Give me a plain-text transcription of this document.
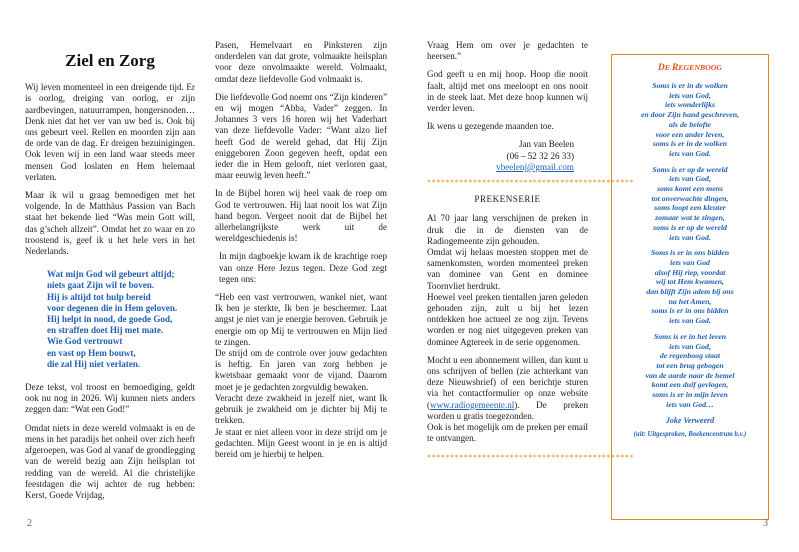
Ziel en Zorg

Wij leven momenteel in een dreigende tijd. Er is oorlog, dreiging van oorlog, er zijn aardbevingen, natuurrampen, hongersnoden… Denk niet dat het ver van uw bed is. Ook bij ons gebeurt veel. Rellen en moorden zijn aan de orde van de dag. Er dreigen bezuinigingen. Ook leven wij in een land waar steeds meer mensen God loslaten en Hem helemaal verlaten.

Maar ik wil u graag bemoedigen met het volgende. In de Matthäus Passion van Bach staat het bekende lied “Was mein Gott will, das g’scheh allzeit”. Omdat het zo waar en zo troostend is, geef ik u het hele vers in het Nederlands.

Wat mijn God wil gebeurt altijd;
niets gaat Zijn wil te boven.
Hij is altijd tot hulp bereid
voor degenen die in Hem geloven.
Hij helpt in nood, de goede God,
en straffen doet Hij met mate.
Wie God vertrouwt
en vast op Hem bouwt,
die zal Hij niet verlaten.

Deze tekst, vol troost en bemoediging, geldt ook nu nog in 2026. Wij kunnen niets anders zeggen dan: “Wat een God!”

Omdat niets in deze wereld volmaakt is en de mens in het paradijs het onheil over zich heeft afgeroepen, was God al vanaf de grondlegging van de wereld bezig aan Zijn heilsplan tot redding van de wereld. Al die christelijke feestdagen die wij achter de rug hebben: Kerst, Goede Vrijdag,

2

Pasen, Hemelvaart en Pinksteren zijn onderdelen van dat grote, volmaakte heilsplan voor deze onvolmaakte wereld. Volmaakt, omdat deze liefdevolle God volmaakt is.

Die liefdevolle God noemt ons “Zijn kinderen” en wij mogen “Abba, Vader” zeggen. In Johannes 3 vers 16 horen wij het Vaderhart van deze liefdevolle Vader: “Want alzo lief heeft God de wereld gehad, dat Hij Zijn eniggeboren Zoon gegeven heeft, opdat een ieder die in Hem gelooft, niet verloren gaat, maar eeuwig leven heeft.”

In de Bijbel horen wij heel vaak de roep om God te vertrouwen. Hij laat nooit los wat Zijn hand begon. Vergeet nooit dat de Bijbel het allerbelangrijkste werk uit de wereldgeschiedenis is!

In mijn dagboekje kwam ik de krachtige roep van onze Here Jezus tegen. Deze God zegt tegen ons:

“Heb een vast vertrouwen, wankel niet, want Ik ben je sterkte, Ik ben je beschermer. Laat angst je niet van je energie beroven. Gebruik je energie om op Mij te vertrouwen en Mijn lied te zingen.

De strijd om de controle over jouw gedachten is heftig. En jaren van zorg hebben je kwetsbaar gemaakt voor de vijand. Daarom moet je je gedachten zorgvuldig bewaken.

Veracht deze zwakheid in jezelf niet, want Ik gebruik je zwakheid om je dichter bij Mij te trekken.

Je staat er niet alleen voor in deze strijd om je gedachten. Mijn Geest woont in je en is altijd bereid om je hierbij te helpen.

Vraag Hem om over je gedachten te heersen.”

God geeft u en mij hoop. Hoop die nooit faalt, altijd met ons meeloopt en ons nooit in de steek laat. Met deze hoop kunnen wij verder leven.

Ik wens u gezegende maanden toe.

Jan van Beelen
(06 – 52 32 26 33)
vbeelenj@gmail.com
*********************************************
PREKENSERIE

Al 70 jaar lang verschijnen de preken in druk die in de diensten van de Radiogemeente zijn gehouden.

Omdat wij helaas moesten stoppen met de samenkomsten, worden momenteel preken van dominee van Gent en dominee Toornvliet herdrukt.

Hoewel veel preken tientallen jaren geleden gehouden zijn, zult u bij het lezen ontdekken hoe actueel ze nog zijn. Tevens worden er nog niet uitgegeven preken van dominee Agtereek in de serie opgenomen.

Mocht u een abonnement willen, dan kunt u ons schrijven of bellen (zie achterkant van deze Nieuwsbrief) of een berichtje sturen via het contactformulier op onze website (www.radiogemeente.nl). De preken worden u gratis toegezonden.

Ook is het mogelijk om de preken per email te ontvangen.

*********************************************
DE REGENBOOG
Soms is er in de wolken
iets van God,
iets wonderlijks
en door Zijn hand geschreven,
als de belofte
voor een ander leven,
soms is er in de wolken
iets van God.
Soms is er op de wereld
iets van God,
soms komt een mens
tot onverwachte dingen,
soms loopt een kleuter
zomaar wat te zingen,
soms is er op de wereld
iets van God.
Soms is er in ons bidden
iets van God
alsof Hij riep, voordat
wij tot Hem kwamen,
dan blijft Zijn adem bij ons
na het Amen,
soms is er in ons bidden
iets van God.
Soms is er in het leven
iets van God,
de regenboog staat
tot een brug gebogen
van de aarde naar de hemel
komt een duif gevlogen,
soms is er in mijn leven
iets van God…
Joke Verweerd
(uit: Uitgesproken, Boekencentrum b.v.)
3
